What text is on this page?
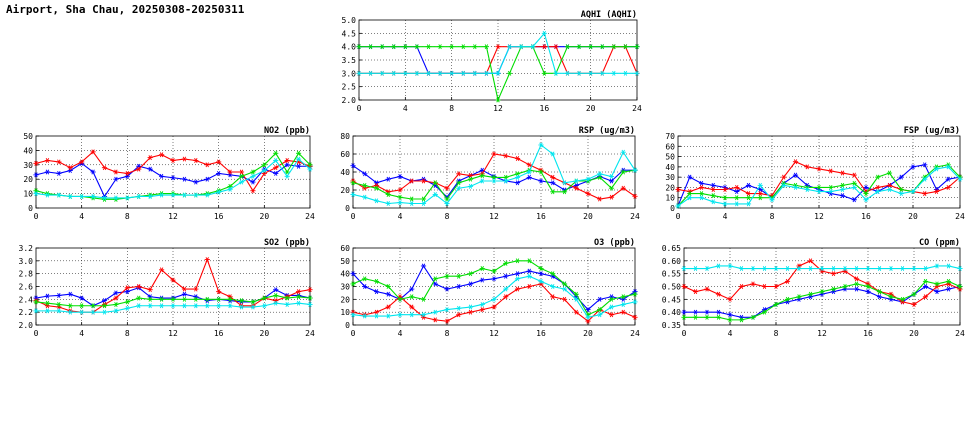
Airport, Sha Chau, 20250308-20250311
2.0
2.5
3.0
3.5
4.0
4.5
5.0
0	4	8	12	16	20	24
AQHI (AQHI)
0
10
20
30
40
50
0	4	8	12	16	20	24
NO2 (ppb)
0
20
40
60
80
0	4	8	12	16	20	24
RSP (ug/m3)
0
10
20
30
40
50
60
70
0	4	8	12	16	20	24
FSP (ug/m3)
2.0
2.2
2.4
2.6
2.8
3.0
3.2
0	4	8	12	16	20	24
SO2 (ppb)
0
10
20
30
40
50
60
0	4	8	12	16	20	24
O3 (ppb)
0.35
0.40
0.45
0.50
0.55
0.60
0.65
0	4	8	12	16	20	24
CO (ppm)
